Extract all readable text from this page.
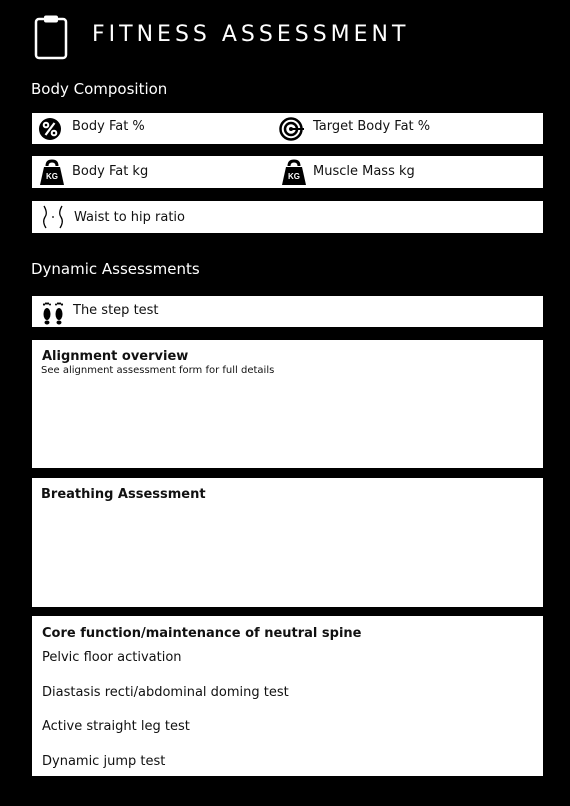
FITNESS ASSESSMENT
Body Composition
Body Fat %	Target Body Fat %
KG	Body Fat kg	KG	Muscle Mass kg
Waist to hip ratio
Dynamic Assessments
The step test
Alignment overview
See alignment assessment form for full details
Breathing Assessment
Core function/maintenance of neutral spine
Pelvic floor activation
Diastasis recti/abdominal doming test
Active straight leg test
Dynamic jump test
